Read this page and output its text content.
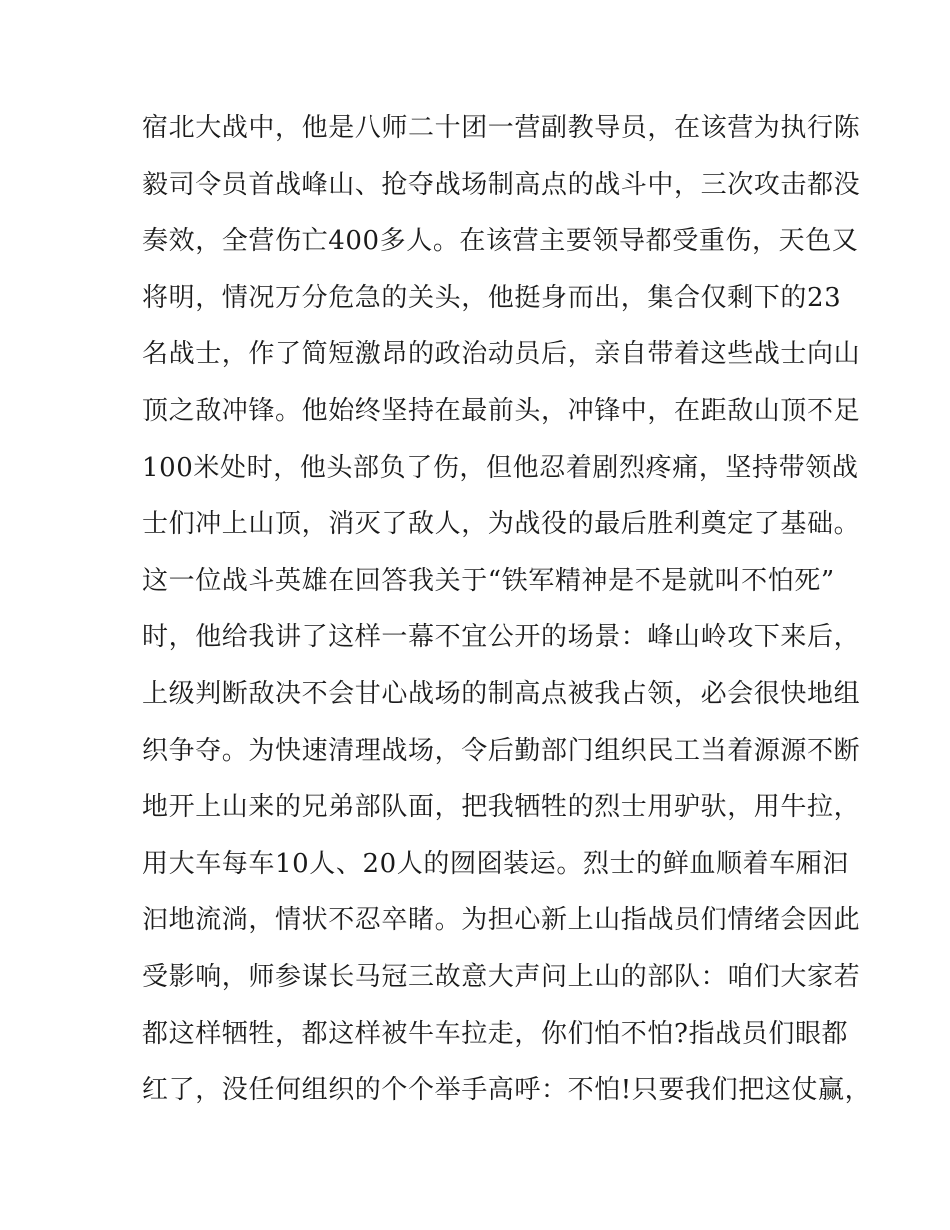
宿北大战中，他是八师二十团一营副教导员，在该营为执行陈
毅司令员首战峰山、抢夺战场制高点的战斗中，三次攻击都没
奏效，全营伤亡400多人。在该营主要领导都受重伤，天色又
将明，情况万分危急的关头，他挺身而出，集合仅剩下的23
名战士，作了简短激昂的政治动员后，亲自带着这些战士向山
顶之敌冲锋。他始终坚持在最前头，冲锋中，在距敌山顶不足
100米处时，他头部负了伤，但他忍着剧烈疼痛，坚持带领战
士们冲上山顶，消灭了敌人，为战役的最后胜利奠定了基础。
这一位战斗英雄在回答我关于“铁军精神是不是就叫不怕死”
时，他给我讲了这样一幕不宜公开的场景：峰山岭攻下来后，
上级判断敌决不会甘心战场的制高点被我占领，必会很快地组
织争夺。为快速清理战场，令后勤部门组织民工当着源源不断
地开上山来的兄弟部队面，把我牺牲的烈士用驴驮，用牛拉，
用大车每车10人、20人的囫囵装运。烈士的鲜血顺着车厢汩
汩地流淌，情状不忍卒睹。为担心新上山指战员们情绪会因此
受影响，师参谋长马冠三故意大声问上山的部队：咱们大家若
都这样牺牲，都这样被牛车拉走，你们怕不怕?指战员们眼都
红了，没任何组织的个个举手高呼：不怕!只要我们把这仗赢，
